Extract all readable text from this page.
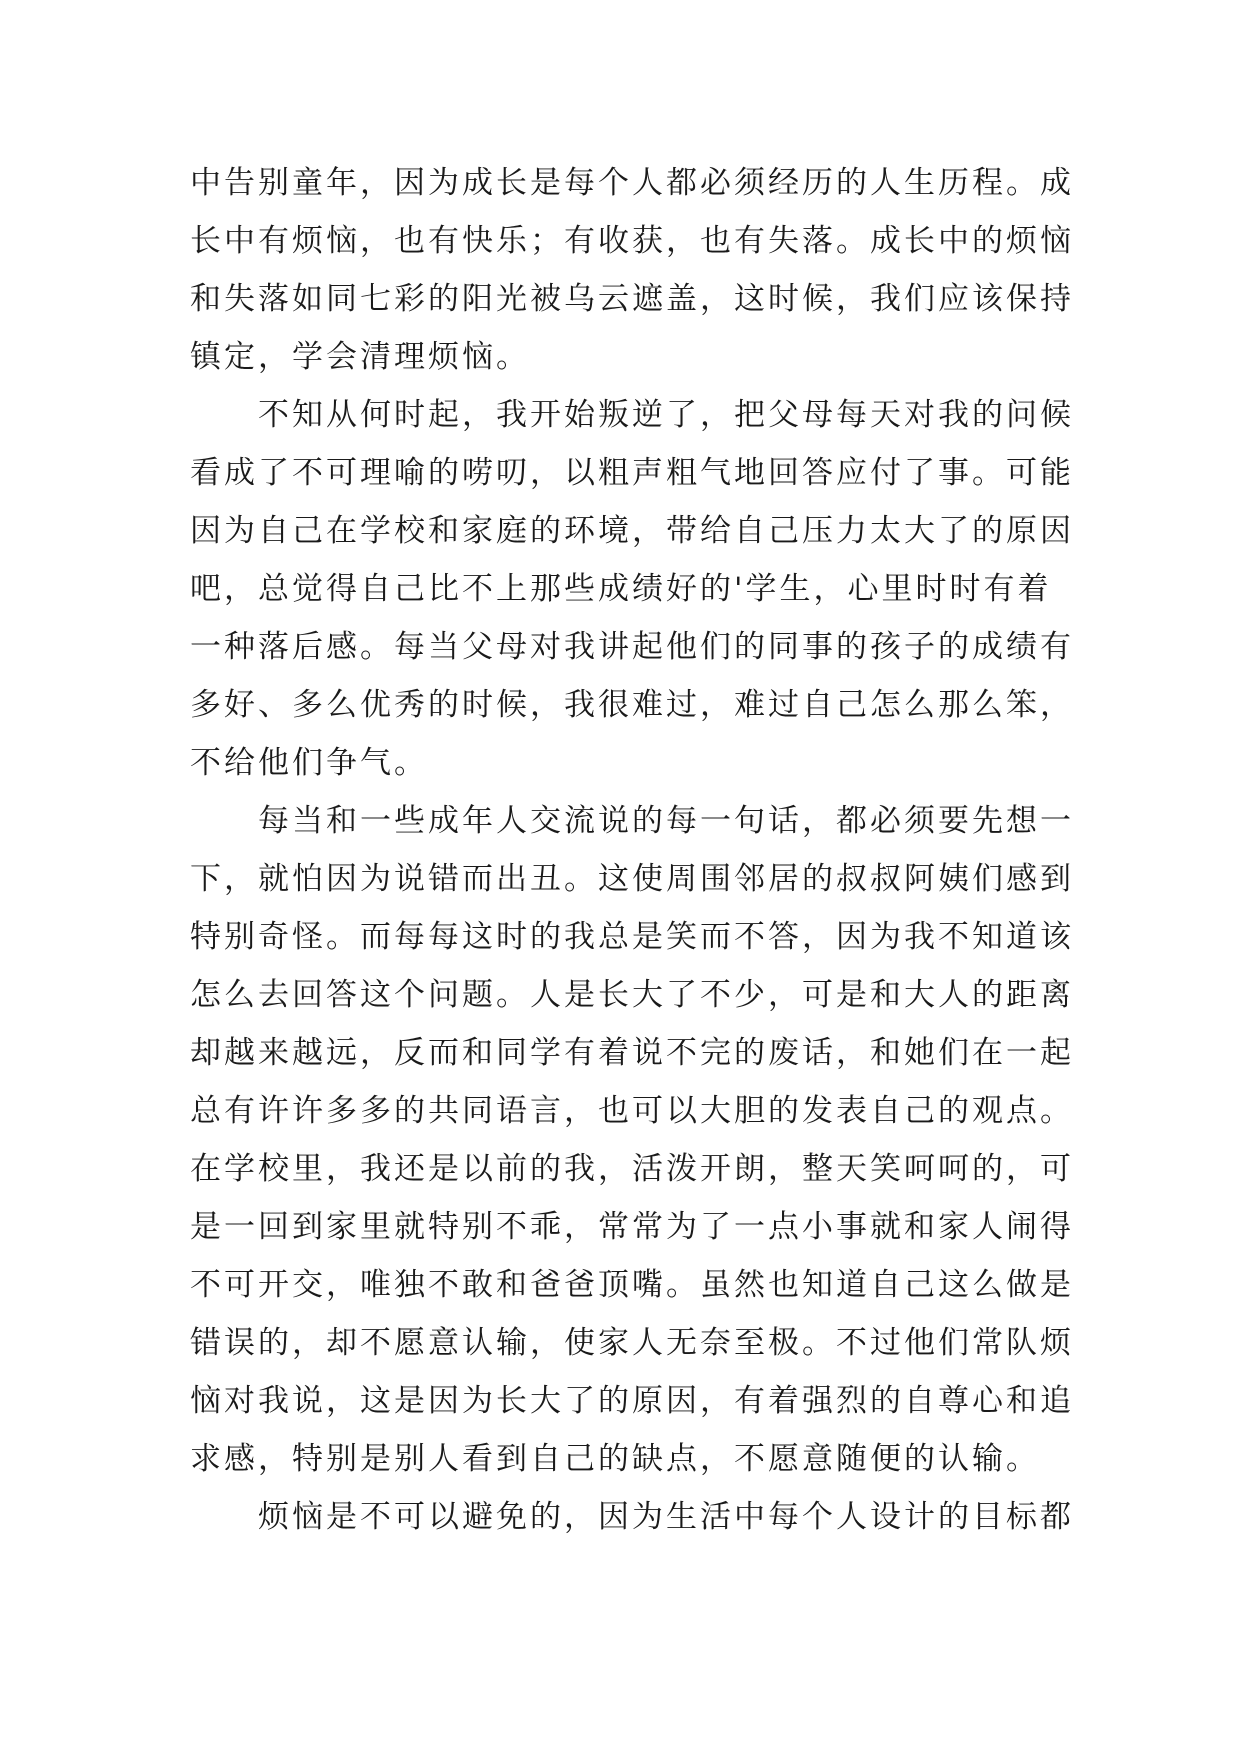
中告别童年，因为成长是每个人都必须经历的人生历程。成
长中有烦恼，也有快乐；有收获，也有失落。成长中的烦恼
和失落如同七彩的阳光被乌云遮盖，这时候，我们应该保持
镇定，学会清理烦恼。
不知从何时起，我开始叛逆了，把父母每天对我的问候
看成了不可理喻的唠叨，以粗声粗气地回答应付了事。可能
因为自己在学校和家庭的环境，带给自己压力太大了的原因
吧，总觉得自己比不上那些成绩好的'学生，心里时时有着
一种落后感。每当父母对我讲起他们的同事的孩子的成绩有
多好、多么优秀的时候，我很难过，难过自己怎么那么笨，
不给他们争气。
每当和一些成年人交流说的每一句话，都必须要先想一
下，就怕因为说错而出丑。这使周围邻居的叔叔阿姨们感到
特别奇怪。而每每这时的我总是笑而不答，因为我不知道该
怎么去回答这个问题。人是长大了不少，可是和大人的距离
却越来越远，反而和同学有着说不完的废话，和她们在一起
总有许许多多的共同语言，也可以大胆的发表自己的观点。
在学校里，我还是以前的我，活泼开朗，整天笑呵呵的，可
是一回到家里就特别不乖，常常为了一点小事就和家人闹得
不可开交，唯独不敢和爸爸顶嘴。虽然也知道自己这么做是
错误的，却不愿意认输，使家人无奈至极。不过他们常队烦
恼对我说，这是因为长大了的原因，有着强烈的自尊心和追
求感，特别是别人看到自己的缺点，不愿意随便的认输。
烦恼是不可以避免的，因为生活中每个人设计的目标都
